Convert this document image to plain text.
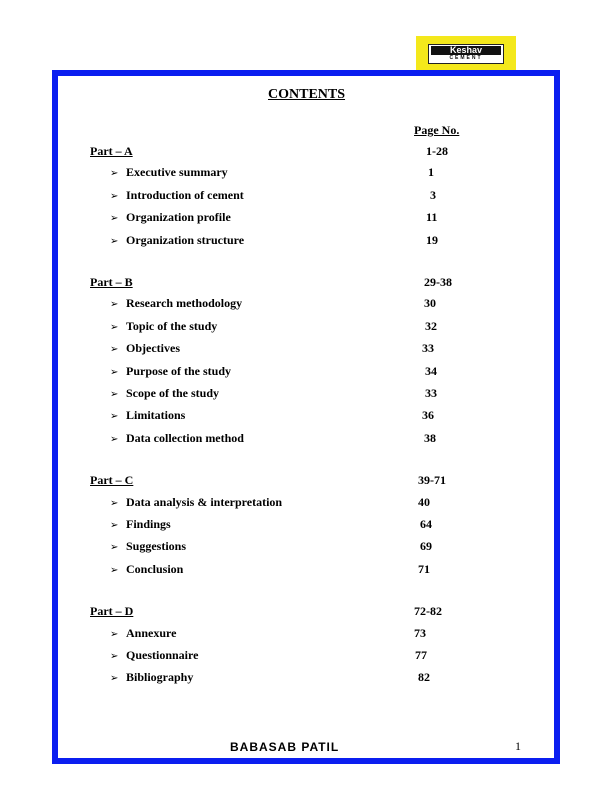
Keshav
CEMENT
CONTENTS
Page No.
Part – A	1-28
➢ Executive summary	1
➢ Introduction of cement	3
➢ Organization profile	11
➢ Organization structure	19
Part – B	29-38
➢ Research methodology	30
➢ Topic of the study	32
➢ Objectives	33
➢ Purpose of the study	34
➢ Scope of the study	33
➢ Limitations	36
➢ Data collection method	38
Part – C	39-71
➢ Data analysis & interpretation	40
➢ Findings	64
➢ Suggestions	69
➢ Conclusion	71
Part – D	72-82
➢ Annexure	73
➢ Questionnaire	77
➢ Bibliography	82
BABASAB PATIL	1
